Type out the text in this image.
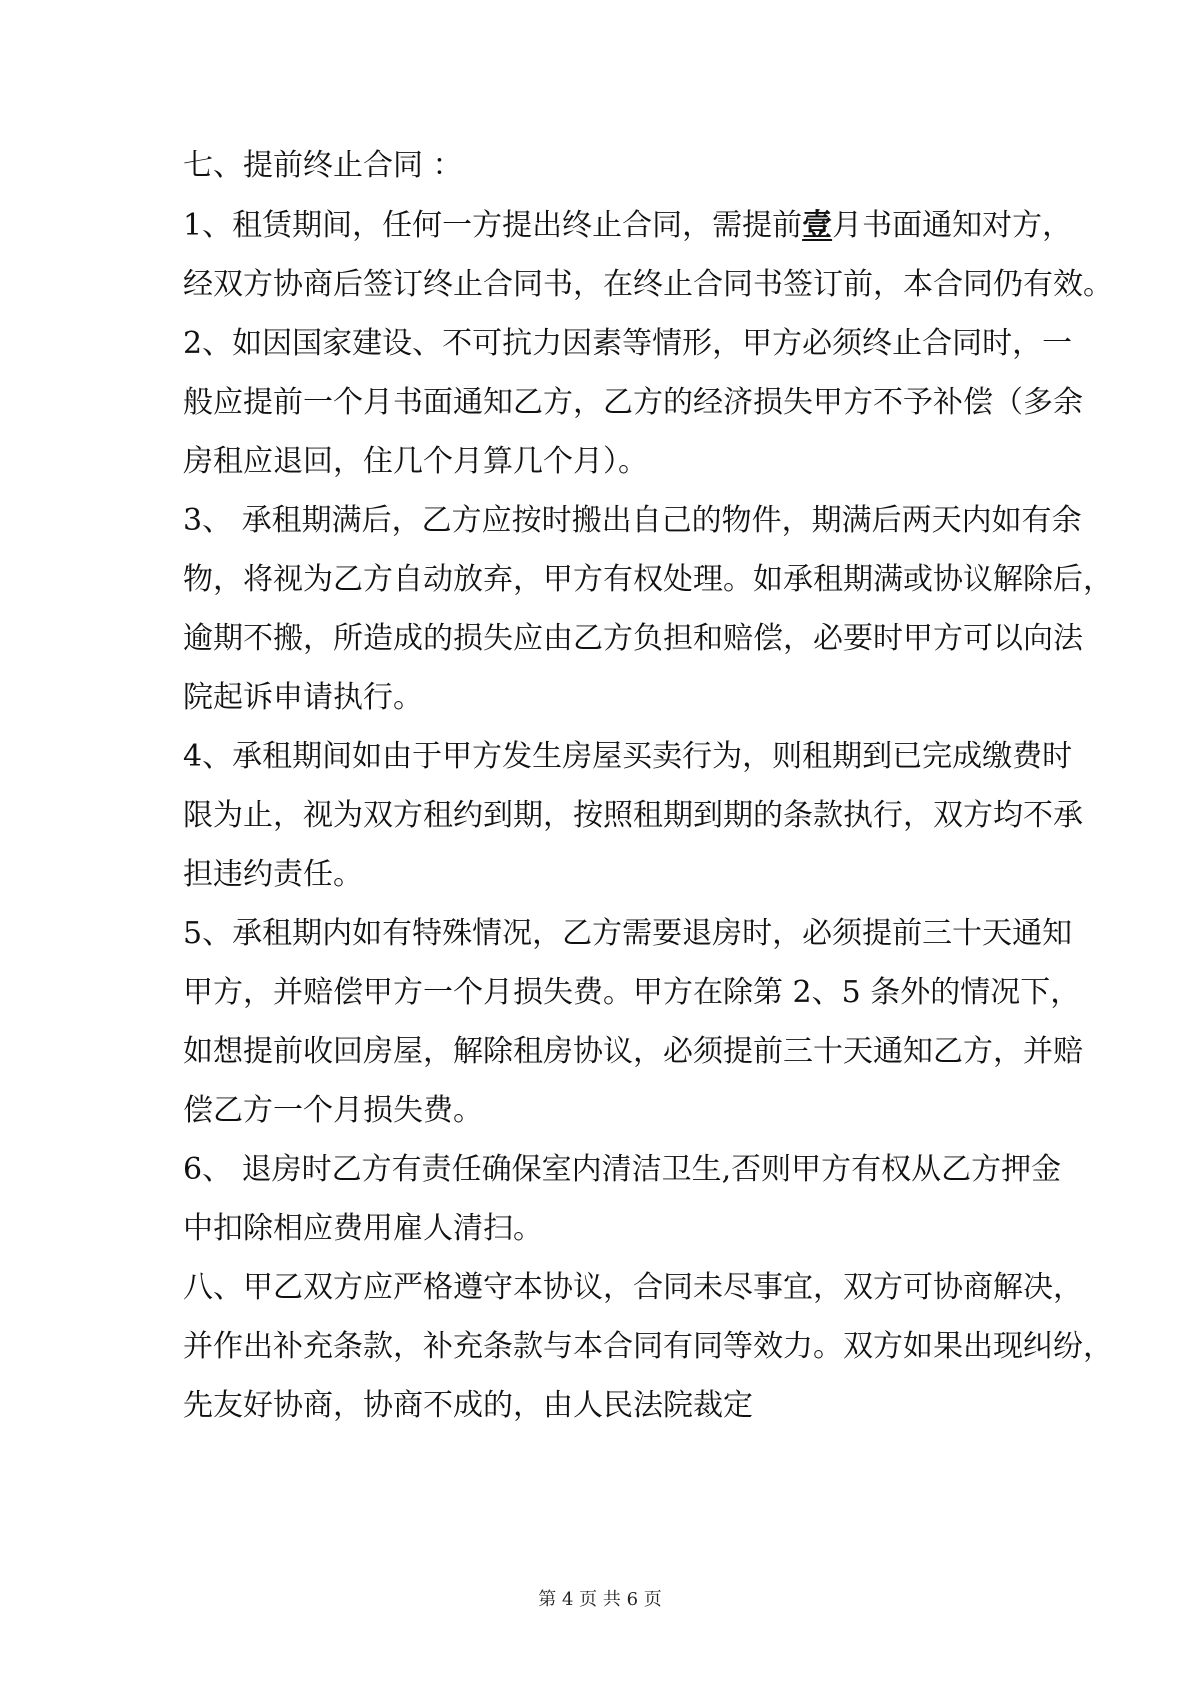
七、提前终止合同 ：
1、租赁期间，任何一方提出终止合同，需提前壹月书面通知对方，
经双方协商后签订终止合同书，在终止合同书签订前，本合同仍有效。
2、如因国家建设、不可抗力因素等情形，甲方必须终止合同时，一
般应提前一个月书面通知乙方，乙方的经济损失甲方不予补偿（多余
房租应退回，住几个月算几个月）。
3、 承租期满后，乙方应按时搬出自己的物件，期满后两天内如有余
物，将视为乙方自动放弃，甲方有权处理。如承租期满或协议解除后，
逾期不搬，所造成的损失应由乙方负担和赔偿，必要时甲方可以向法
院起诉申请执行。
4、承租期间如由于甲方发生房屋买卖行为，则租期到已完成缴费时
限为止，视为双方租约到期，按照租期到期的条款执行，双方均不承
担违约责任。
5、承租期内如有特殊情况，乙方需要退房时，必须提前三十天通知
甲方，并赔偿甲方一个月损失费。甲方在除第 2、5 条外的情况下，
如想提前收回房屋，解除租房协议，必须提前三十天通知乙方，并赔
偿乙方一个月损失费。
6、 退房时乙方有责任确保室内清洁卫生,否则甲方有权从乙方押金
中扣除相应费用雇人清扫。
八、甲乙双方应严格遵守本协议，合同未尽事宜，双方可协商解决，
并作出补充条款，补充条款与本合同有同等效力。双方如果出现纠纷，
先友好协商，协商不成的，由人民法院裁定
第 4 页 共 6 页
